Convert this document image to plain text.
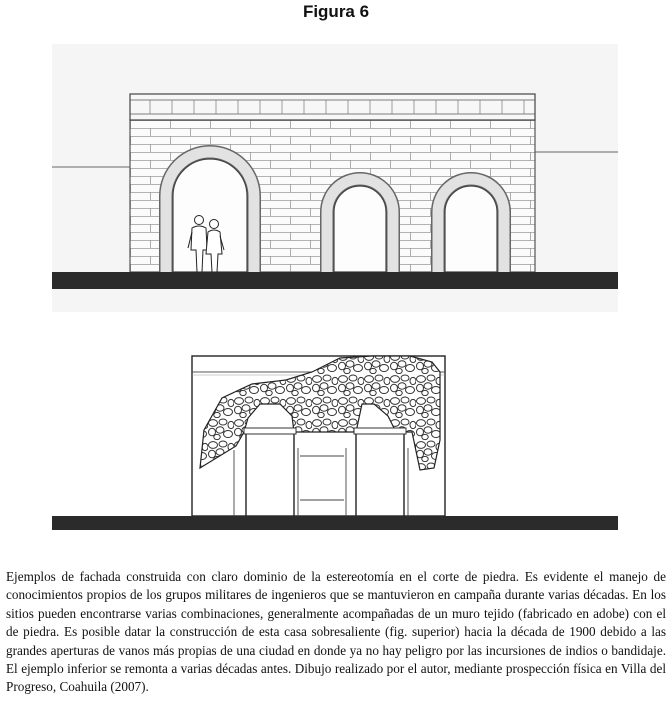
Figura 6

Ejemplos de fachada construida con claro dominio de la estereotomía en el corte de piedra. Es evidente el manejo de conocimientos propios de los grupos militares de ingenieros que se mantuvieron en campaña durante varias décadas. En los sitios pueden encontrarse varias combinaciones, generalmente acompañadas de un muro tejido (fabricado en adobe) con el de piedra. Es posible datar la construcción de esta casa sobresaliente (fig. superior) hacia la década de 1900 debido a las grandes aperturas de vanos más propias de una ciudad en donde ya no hay peligro por las incursiones de indios o bandidaje. El ejemplo inferior se remonta a varias décadas antes. Dibujo realizado por el autor, mediante prospección física en Villa del Progreso, Coahuila (2007).
